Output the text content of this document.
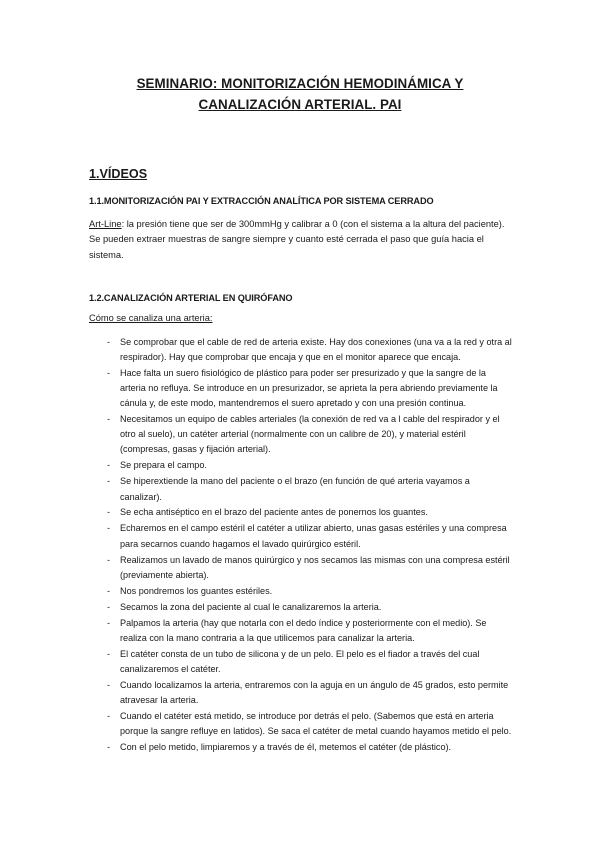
SEMINARIO: MONITORIZACIÓN HEMODINÁMICA Y
CANALIZACIÓN ARTERIAL. PAI
1.VÍDEOS
1.1.MONITORIZACIÓN PAI Y EXTRACCIÓN ANALÍTICA POR SISTEMA CERRADO
Art-Line: la presión tiene que ser de 300mmHg y calibrar a 0 (con el sistema a la altura del paciente). Se pueden extraer muestras de sangre siempre y cuanto esté cerrada el paso que guía hacia el sistema.
1.2.CANALIZACIÓN ARTERIAL EN QUIRÓFANO
Cómo se canaliza una arteria:
- Se comprobar que el cable de red de arteria existe. Hay dos conexiones (una va a la red y otra al respirador). Hay que comprobar que encaja y que en el monitor aparece que encaja.
- Hace falta un suero fisiológico de plástico para poder ser presurizado y que la sangre de la arteria no refluya. Se introduce en un presurizador, se aprieta la pera abriendo previamente la cánula y, de este modo, mantendremos el suero apretado y con una presión continua.
- Necesitamos un equipo de cables arteriales (la conexión de red va a l cable del respirador y el otro al suelo), un catéter arterial (normalmente con un calibre de 20), y material estéril (compresas, gasas y fijación arterial).
- Se prepara el campo.
- Se hiperextiende la mano del paciente o el brazo (en función de qué arteria vayamos a canalizar).
- Se echa antiséptico en el brazo del paciente antes de ponernos los guantes.
- Echaremos en el campo estéril el catéter a utilizar abierto, unas gasas estériles y una compresa para secarnos cuando hagamos el lavado quirúrgico estéril.
- Realizamos un lavado de manos quirúrgico y nos secamos las mismas con una compresa estéril (previamente abierta).
- Nos pondremos los guantes estériles.
- Secamos la zona del paciente al cual le canalizaremos la arteria.
- Palpamos la arteria (hay que notarla con el dedo índice y posteriormente con el medio). Se realiza con la mano contraria a la que utilicemos para canalizar la arteria.
- El catéter consta de un tubo de silicona y de un pelo. El pelo es el fiador a través del cual canalizaremos el catéter.
- Cuando localizamos la arteria, entraremos con la aguja en un ángulo de 45 grados, esto permite atravesar la arteria.
- Cuando el catéter está metido, se introduce por detrás el pelo. (Sabemos que está en arteria porque la sangre refluye en latidos). Se saca el catéter de metal cuando hayamos metido el pelo.
- Con el pelo metido, limpiaremos y a través de él, metemos el catéter (de plástico).
